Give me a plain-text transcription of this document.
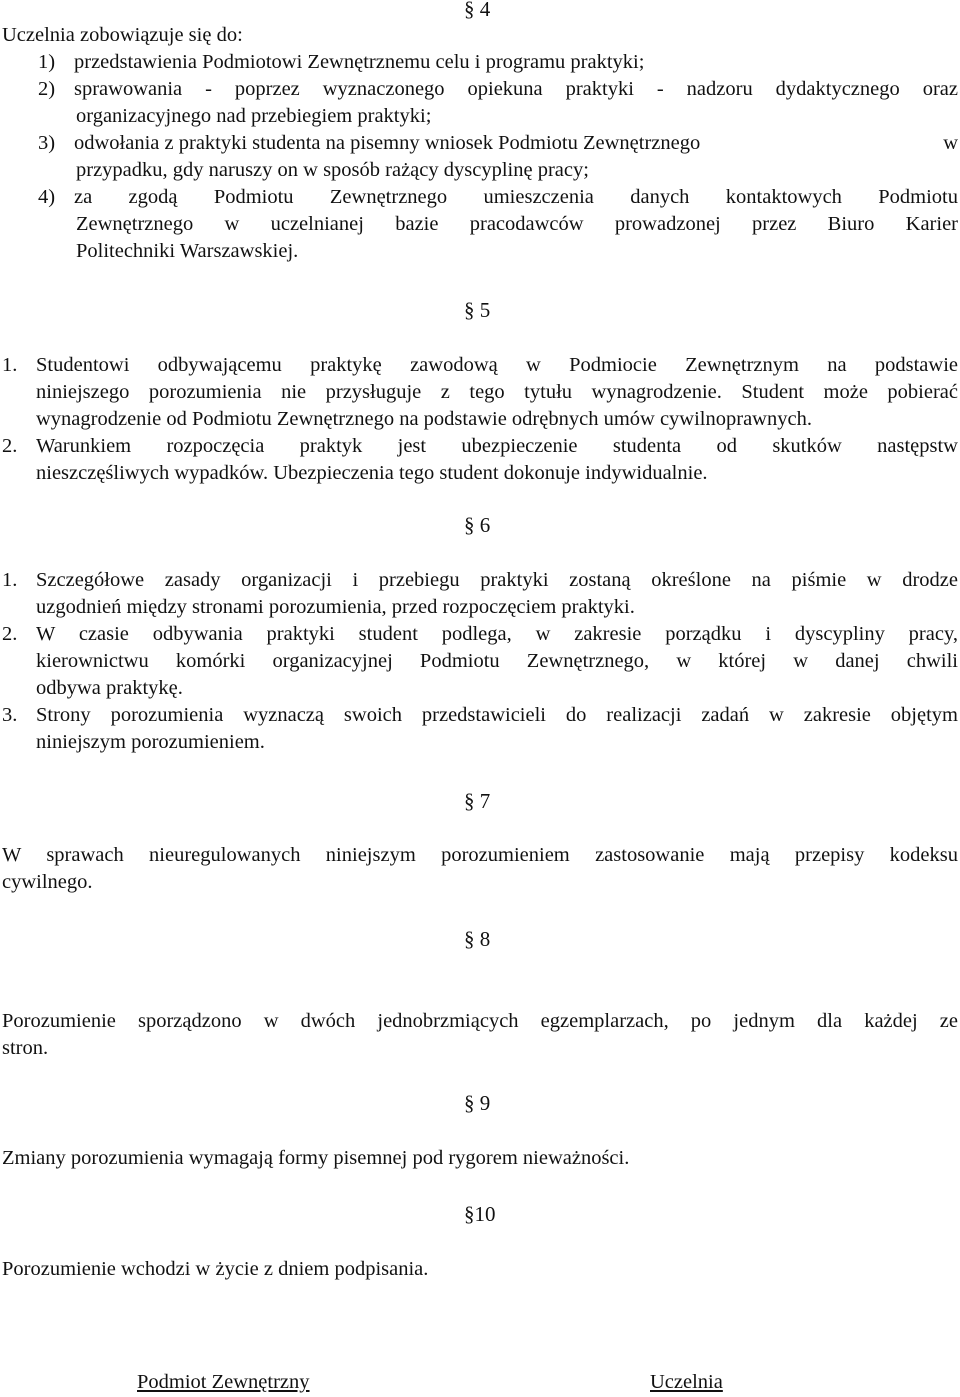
§ 4
Uczelnia zobowiązuje się do:
1) przedstawienia Podmiotowi Zewnętrznemu celu i programu praktyki;
2) sprawowania - poprzez wyznaczonego opiekuna praktyki - nadzoru dydaktycznego oraz
organizacyjnego nad przebiegiem praktyki;
3) odwołania z praktyki studenta na pisemny wniosek Podmiotu Zewnętrznego	w
przypadku, gdy naruszy on w sposób rażący dyscyplinę pracy;
4) za zgodą Podmiotu Zewnętrznego umieszczenia danych kontaktowych Podmiotu
Zewnętrznego w uczelnianej bazie pracodawców prowadzonej przez Biuro Karier
Politechniki Warszawskiej.
§ 5
1. Studentowi odbywającemu praktykę zawodową w Podmiocie Zewnętrznym na podstawie
niniejszego porozumienia nie przysługuje z tego tytułu wynagrodzenie. Student może pobierać
wynagrodzenie od Podmiotu Zewnętrznego na podstawie odrębnych umów cywilnoprawnych.
2. Warunkiem rozpoczęcia praktyk jest ubezpieczenie studenta od skutków następstw
nieszczęśliwych wypadków. Ubezpieczenia tego student dokonuje indywidualnie.
§ 6
1. Szczegółowe zasady organizacji i przebiegu praktyki zostaną określone na piśmie w drodze
uzgodnień między stronami porozumienia, przed rozpoczęciem praktyki.
2. W czasie odbywania praktyki student podlega, w zakresie porządku i dyscypliny pracy,
kierownictwu komórki organizacyjnej Podmiotu Zewnętrznego, w której w danej chwili
odbywa praktykę.
3. Strony porozumienia wyznaczą swoich przedstawicieli do realizacji zadań w zakresie objętym
niniejszym porozumieniem.
§ 7
W sprawach nieuregulowanych niniejszym porozumieniem zastosowanie mają przepisy kodeksu
cywilnego.
§ 8
Porozumienie sporządzono w dwóch jednobrzmiących egzemplarzach, po jednym dla każdej ze
stron.
§ 9
Zmiany porozumienia wymagają formy pisemnej pod rygorem nieważności.
§10
Porozumienie wchodzi w życie z dniem podpisania.
Podmiot Zewnętrzny	Uczelnia
